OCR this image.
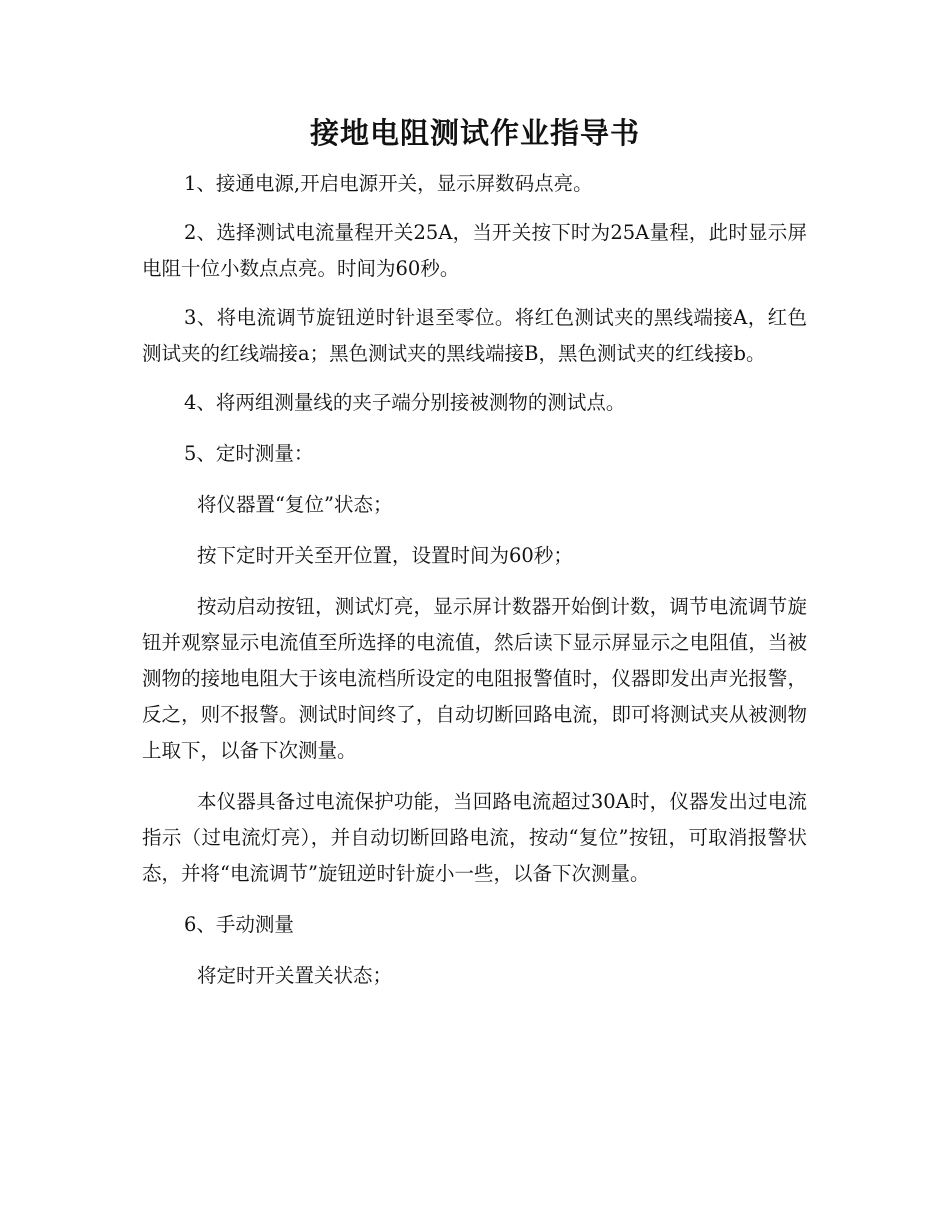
接地电阻测试作业指导书

1、接通电源,开启电源开关，显示屏数码点亮。

2、选择测试电流量程开关25A，当开关按下时为25A量程，此时显示屏电阻十位小数点点亮。时间为60秒。

3、将电流调节旋钮逆时针退至零位。将红色测试夹的黑线端接A，红色测试夹的红线端接a；黑色测试夹的黑线端接B，黑色测试夹的红线接b。

4、将两组测量线的夹子端分别接被测物的测试点。

5、定时测量：

将仪器置“复位”状态；

按下定时开关至开位置，设置时间为60秒；

按动启动按钮，测试灯亮，显示屏计数器开始倒计数，调节电流调节旋钮并观察显示电流值至所选择的电流值，然后读下显示屏显示之电阻值，当被测物的接地电阻大于该电流档所设定的电阻报警值时，仪器即发出声光报警，反之，则不报警。测试时间终了，自动切断回路电流，即可将测试夹从被测物上取下，以备下次测量。

本仪器具备过电流保护功能，当回路电流超过30A时，仪器发出过电流指示（过电流灯亮），并自动切断回路电流，按动“复位”按钮，可取消报警状态，并将“电流调节”旋钮逆时针旋小一些，以备下次测量。

6、手动测量

将定时开关置关状态；
